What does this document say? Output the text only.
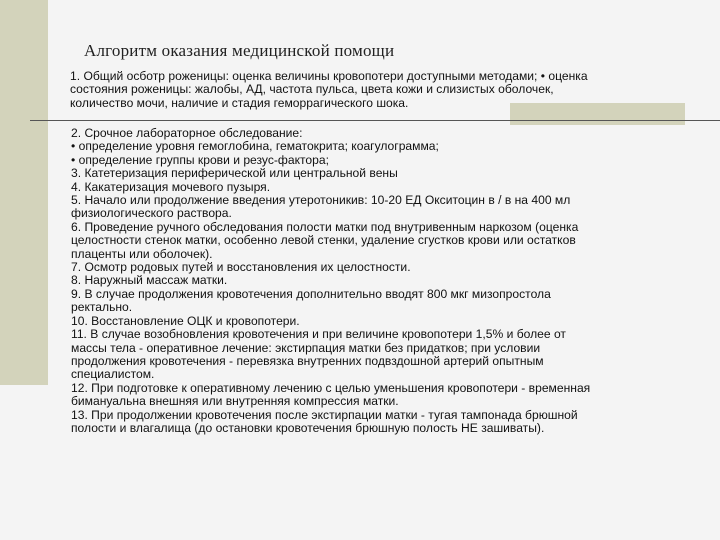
Алгоритм оказания медицинской помощи
1. Общий осботр роженицы: оценка величины кровопотери доступными методами; • оценка
состояния роженицы: жалобы, АД, частота пульса, цвета кожи и слизистых оболочек,
количество мочи, наличие и стадия геморрагического шока.
2. Срочное лабораторное обследование:
• определение уровня гемоглобина, гематокрита; коагулограмма;
• определение группы крови и резус-фактора;
3. Катетеризация периферической или центральной вены
4. Какатеризация мочевого пузыря.
5. Начало или продолжение введения утеротоникив: 10-20 ЕД Окситоцин в / в на 400 мл
физиологического раствора.
6. Проведение ручного обследования полости матки под внутривенным наркозом (оценка
целостности стенок матки, особенно левой стенки, удаление сгустков крови или остатков
плаценты или оболочек).
7. Осмотр родовых путей и восстановления их целостности.
8. Наружный массаж матки.
9. В случае продолжения кровотечения дополнительно вводят 800 мкг мизопростола
ректально.
10. Восстановление ОЦК и кровопотери.
11. В случае возобновления кровотечения и при величине кровопотери 1,5% и более от
массы тела - оперативное лечение: экстирпация матки без придатков; при условии
продолжения кровотечения - перевязка внутренних подвздошной артерий опытным
специалистом.
12. При подготовке к оперативному лечению с целью уменьшения кровопотери - временная
бимануальна внешняя или внутренняя компрессия матки.
13. При продолжении кровотечения после экстирпации матки - тугая тампонада брюшной
полости и влагалища (до остановки кровотечения брюшную полость НЕ зашиваты).
